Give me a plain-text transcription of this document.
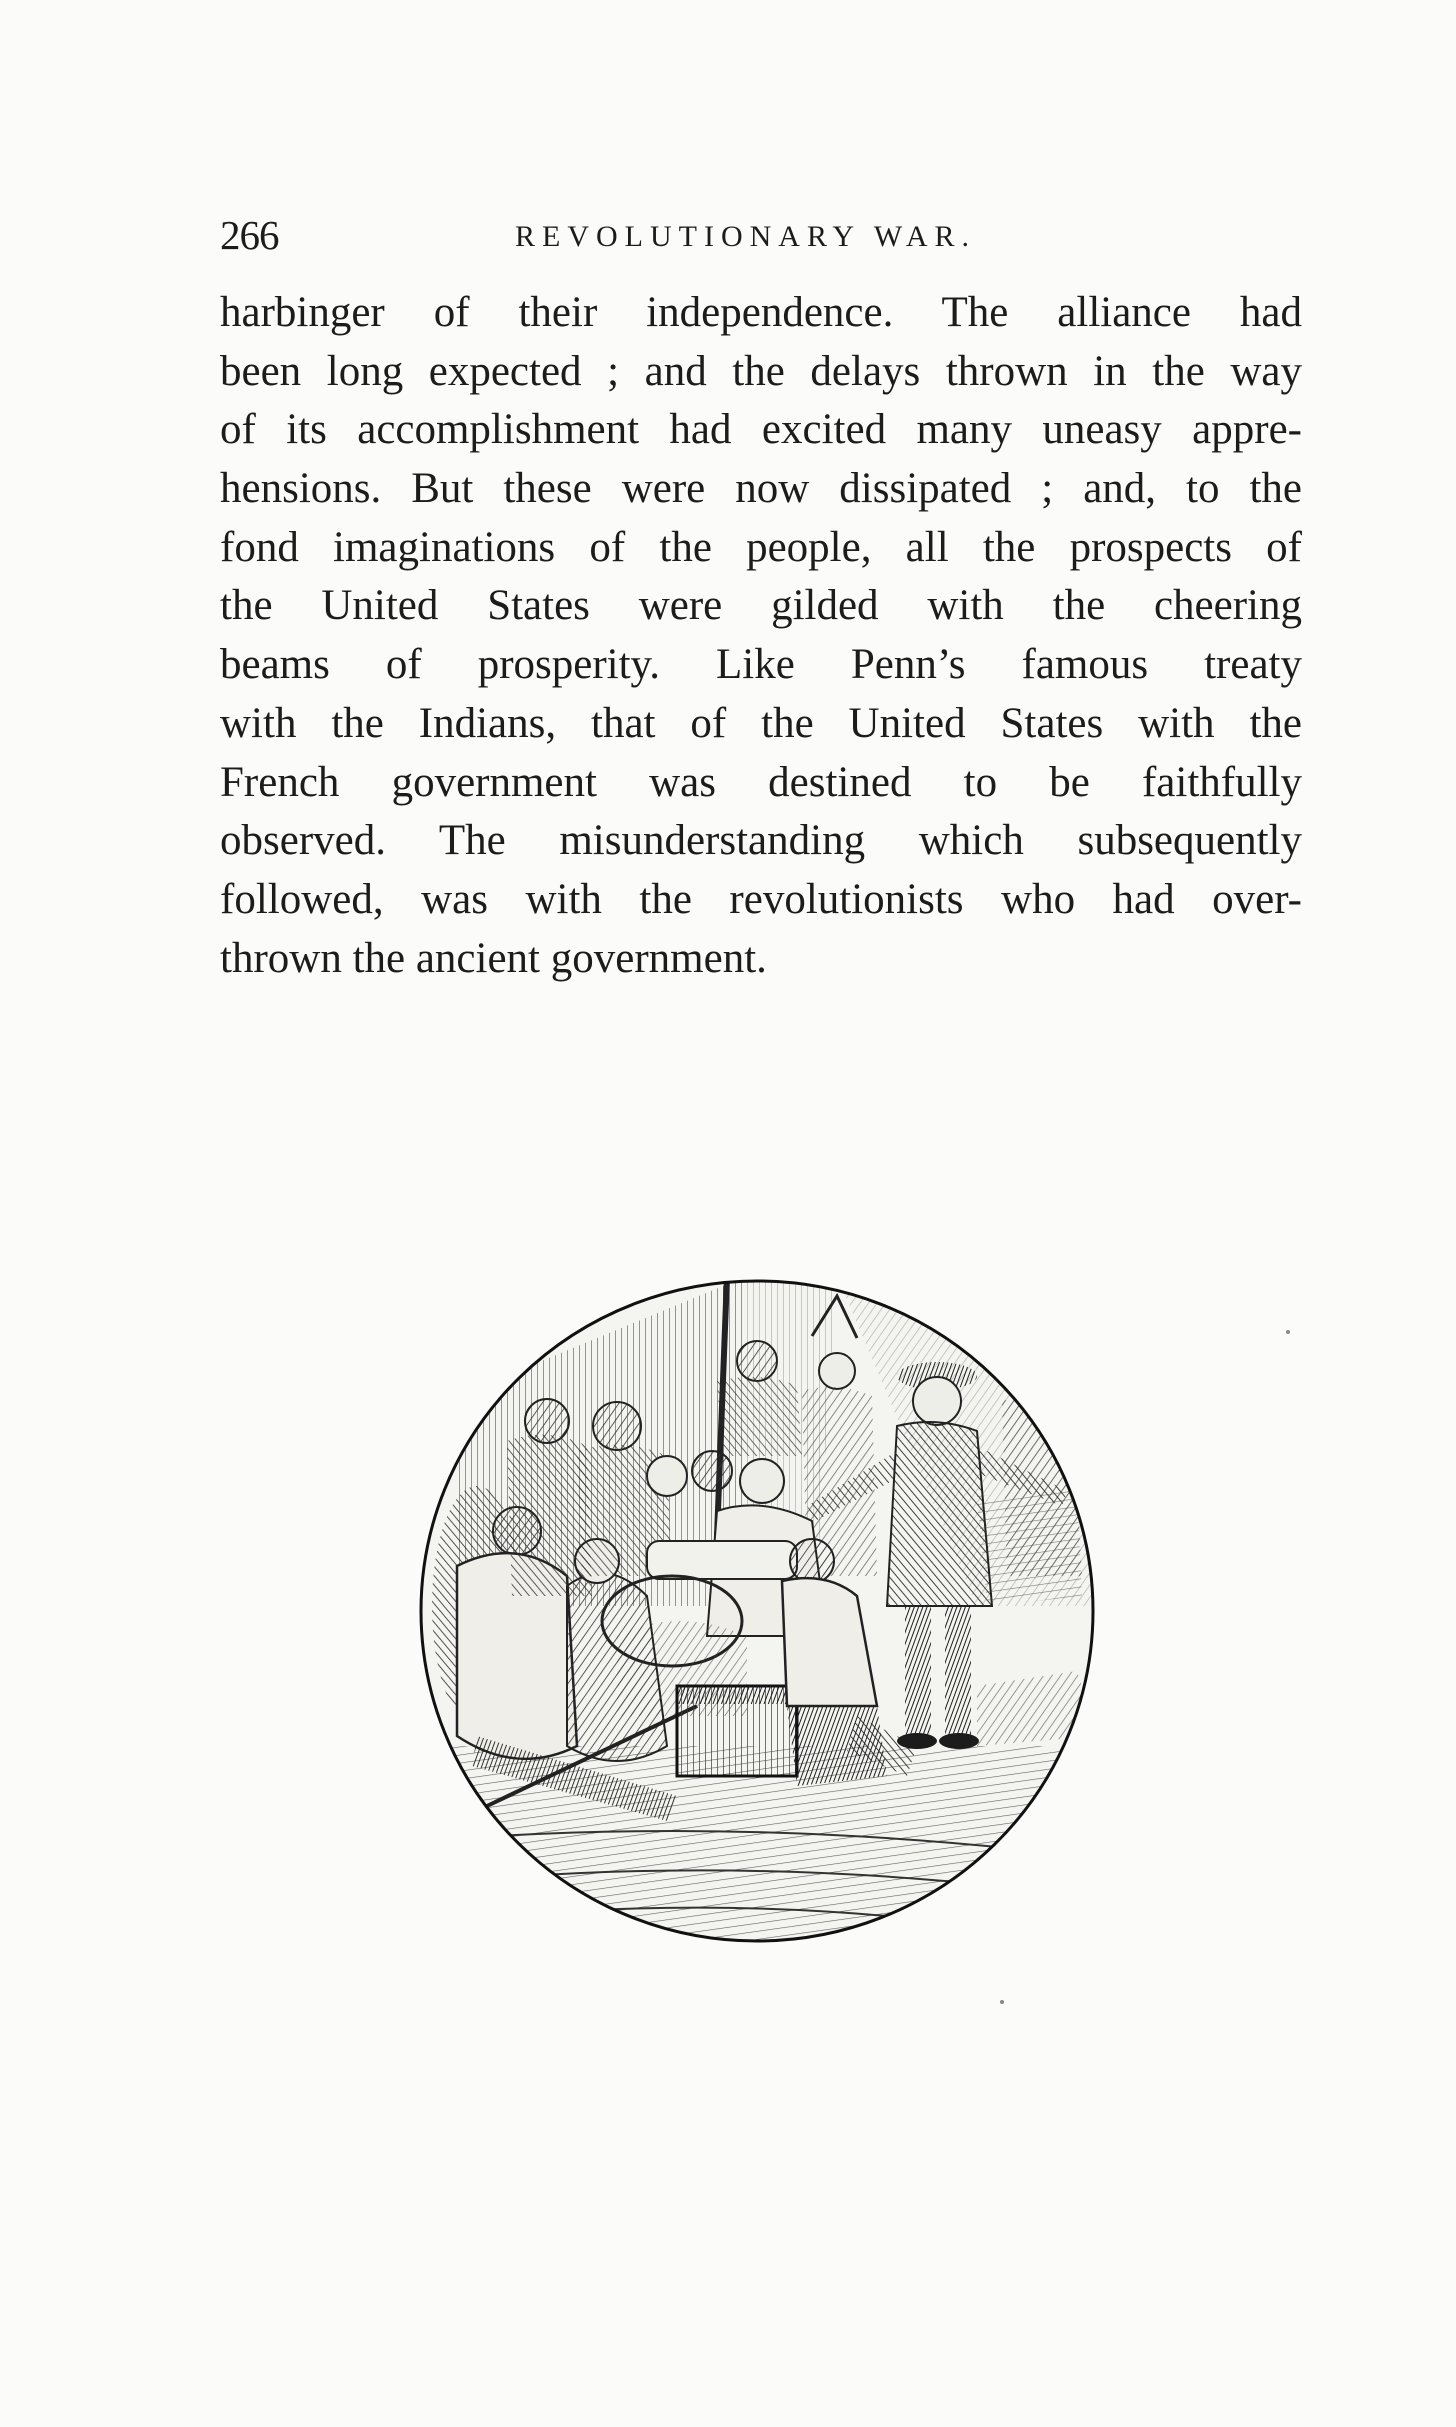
266	REVOLUTIONARY WAR.
harbinger of their independence. The alliance had
been long expected ; and the delays thrown in the way
of its accomplishment had excited many uneasy appre-
hensions. But these were now dissipated ; and, to the
fond imaginations of the people, all the prospects of
the United States were gilded with the cheering
beams of prosperity. Like Penn’s famous treaty
with the Indians, that of the United States with the
French government was destined to be faithfully
observed. The misunderstanding which subsequently
followed, was with the revolutionists who had over-
thrown the ancient government.
